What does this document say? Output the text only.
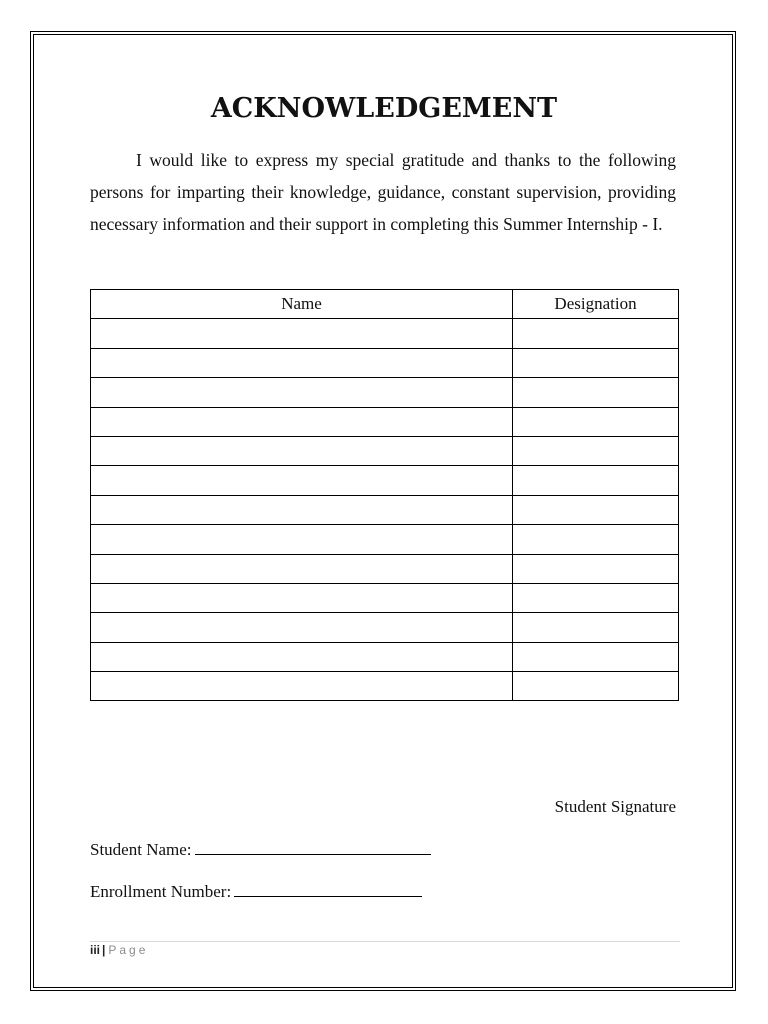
ACKNOWLEDGEMENT

I would like to express my special gratitude and thanks to the following persons for imparting their knowledge, guidance, constant supervision, providing necessary information and their support in completing this Summer Internship - I.

Name	Designation

Student Signature

Student Name:

Enrollment Number:

iii | Page
